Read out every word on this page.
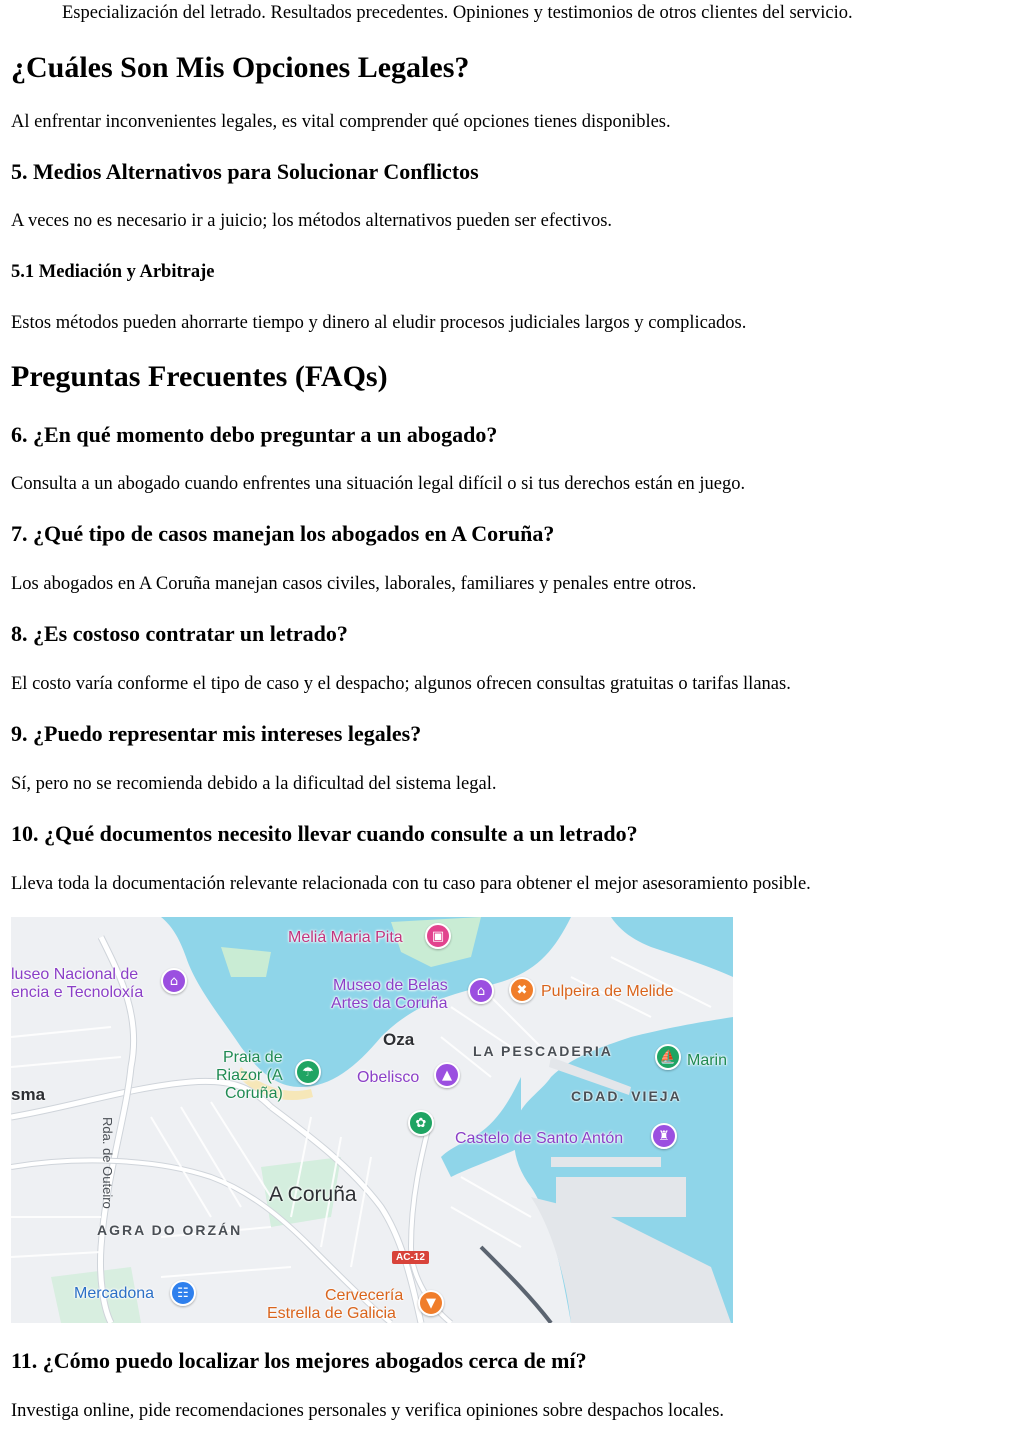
Especialización del letrado. Resultados precedentes. Opiniones y testimonios de otros clientes del servicio.

¿Cuáles Son Mis Opciones Legales?

Al enfrentar inconvenientes legales, es vital comprender qué opciones tienes disponibles.

5. Medios Alternativos para Solucionar Conflictos

A veces no es necesario ir a juicio; los métodos alternativos pueden ser efectivos.

5.1 Mediación y Arbitraje

Estos métodos pueden ahorrarte tiempo y dinero al eludir procesos judiciales largos y complicados.

Preguntas Frecuentes (FAQs)
6. ¿En qué momento debo preguntar a un abogado?

Consulta a un abogado cuando enfrentes una situación legal difícil o si tus derechos están en juego.

7. ¿Qué tipo de casos manejan los abogados en A Coruña?

Los abogados en A Coruña manejan casos civiles, laborales, familiares y penales entre otros.

8. ¿Es costoso contratar un letrado?

El costo varía conforme el tipo de caso y el despacho; algunos ofrecen consultas gratuitas o tarifas llanas.

9. ¿Puedo representar mis intereses legales?

Sí, pero no se recomienda debido a la dificultad del sistema legal.

10. ¿Qué documentos necesito llevar cuando consulte a un letrado?

Lleva toda la documentación relevante relacionada con tu caso para obtener el mejor asesoramiento posible.

Meliá Maria Pita	▣
luseo Nacional de
encia e Tecnoloxía
⌂	Museo de Belas
Artes da Coruña
⌂	✖ Pulpeira de Melide
Oza
LA PESCADERIA	⛵ Marin
Praia de
Riazor (A
Coruña)
☂	Obelisco	▲
sma	CDAD. VIEJA
✿
Castelo de Santo Antón	♜
Rda. de Outeiro	A Coruña
AGRA DO ORZÁN
AC-12
Mercadona	☷	Cervecería
Estrella de Galicia
▼
11. ¿Cómo puedo localizar los mejores abogados cerca de mí?

Investiga online, pide recomendaciones personales y verifica opiniones sobre despachos locales.
